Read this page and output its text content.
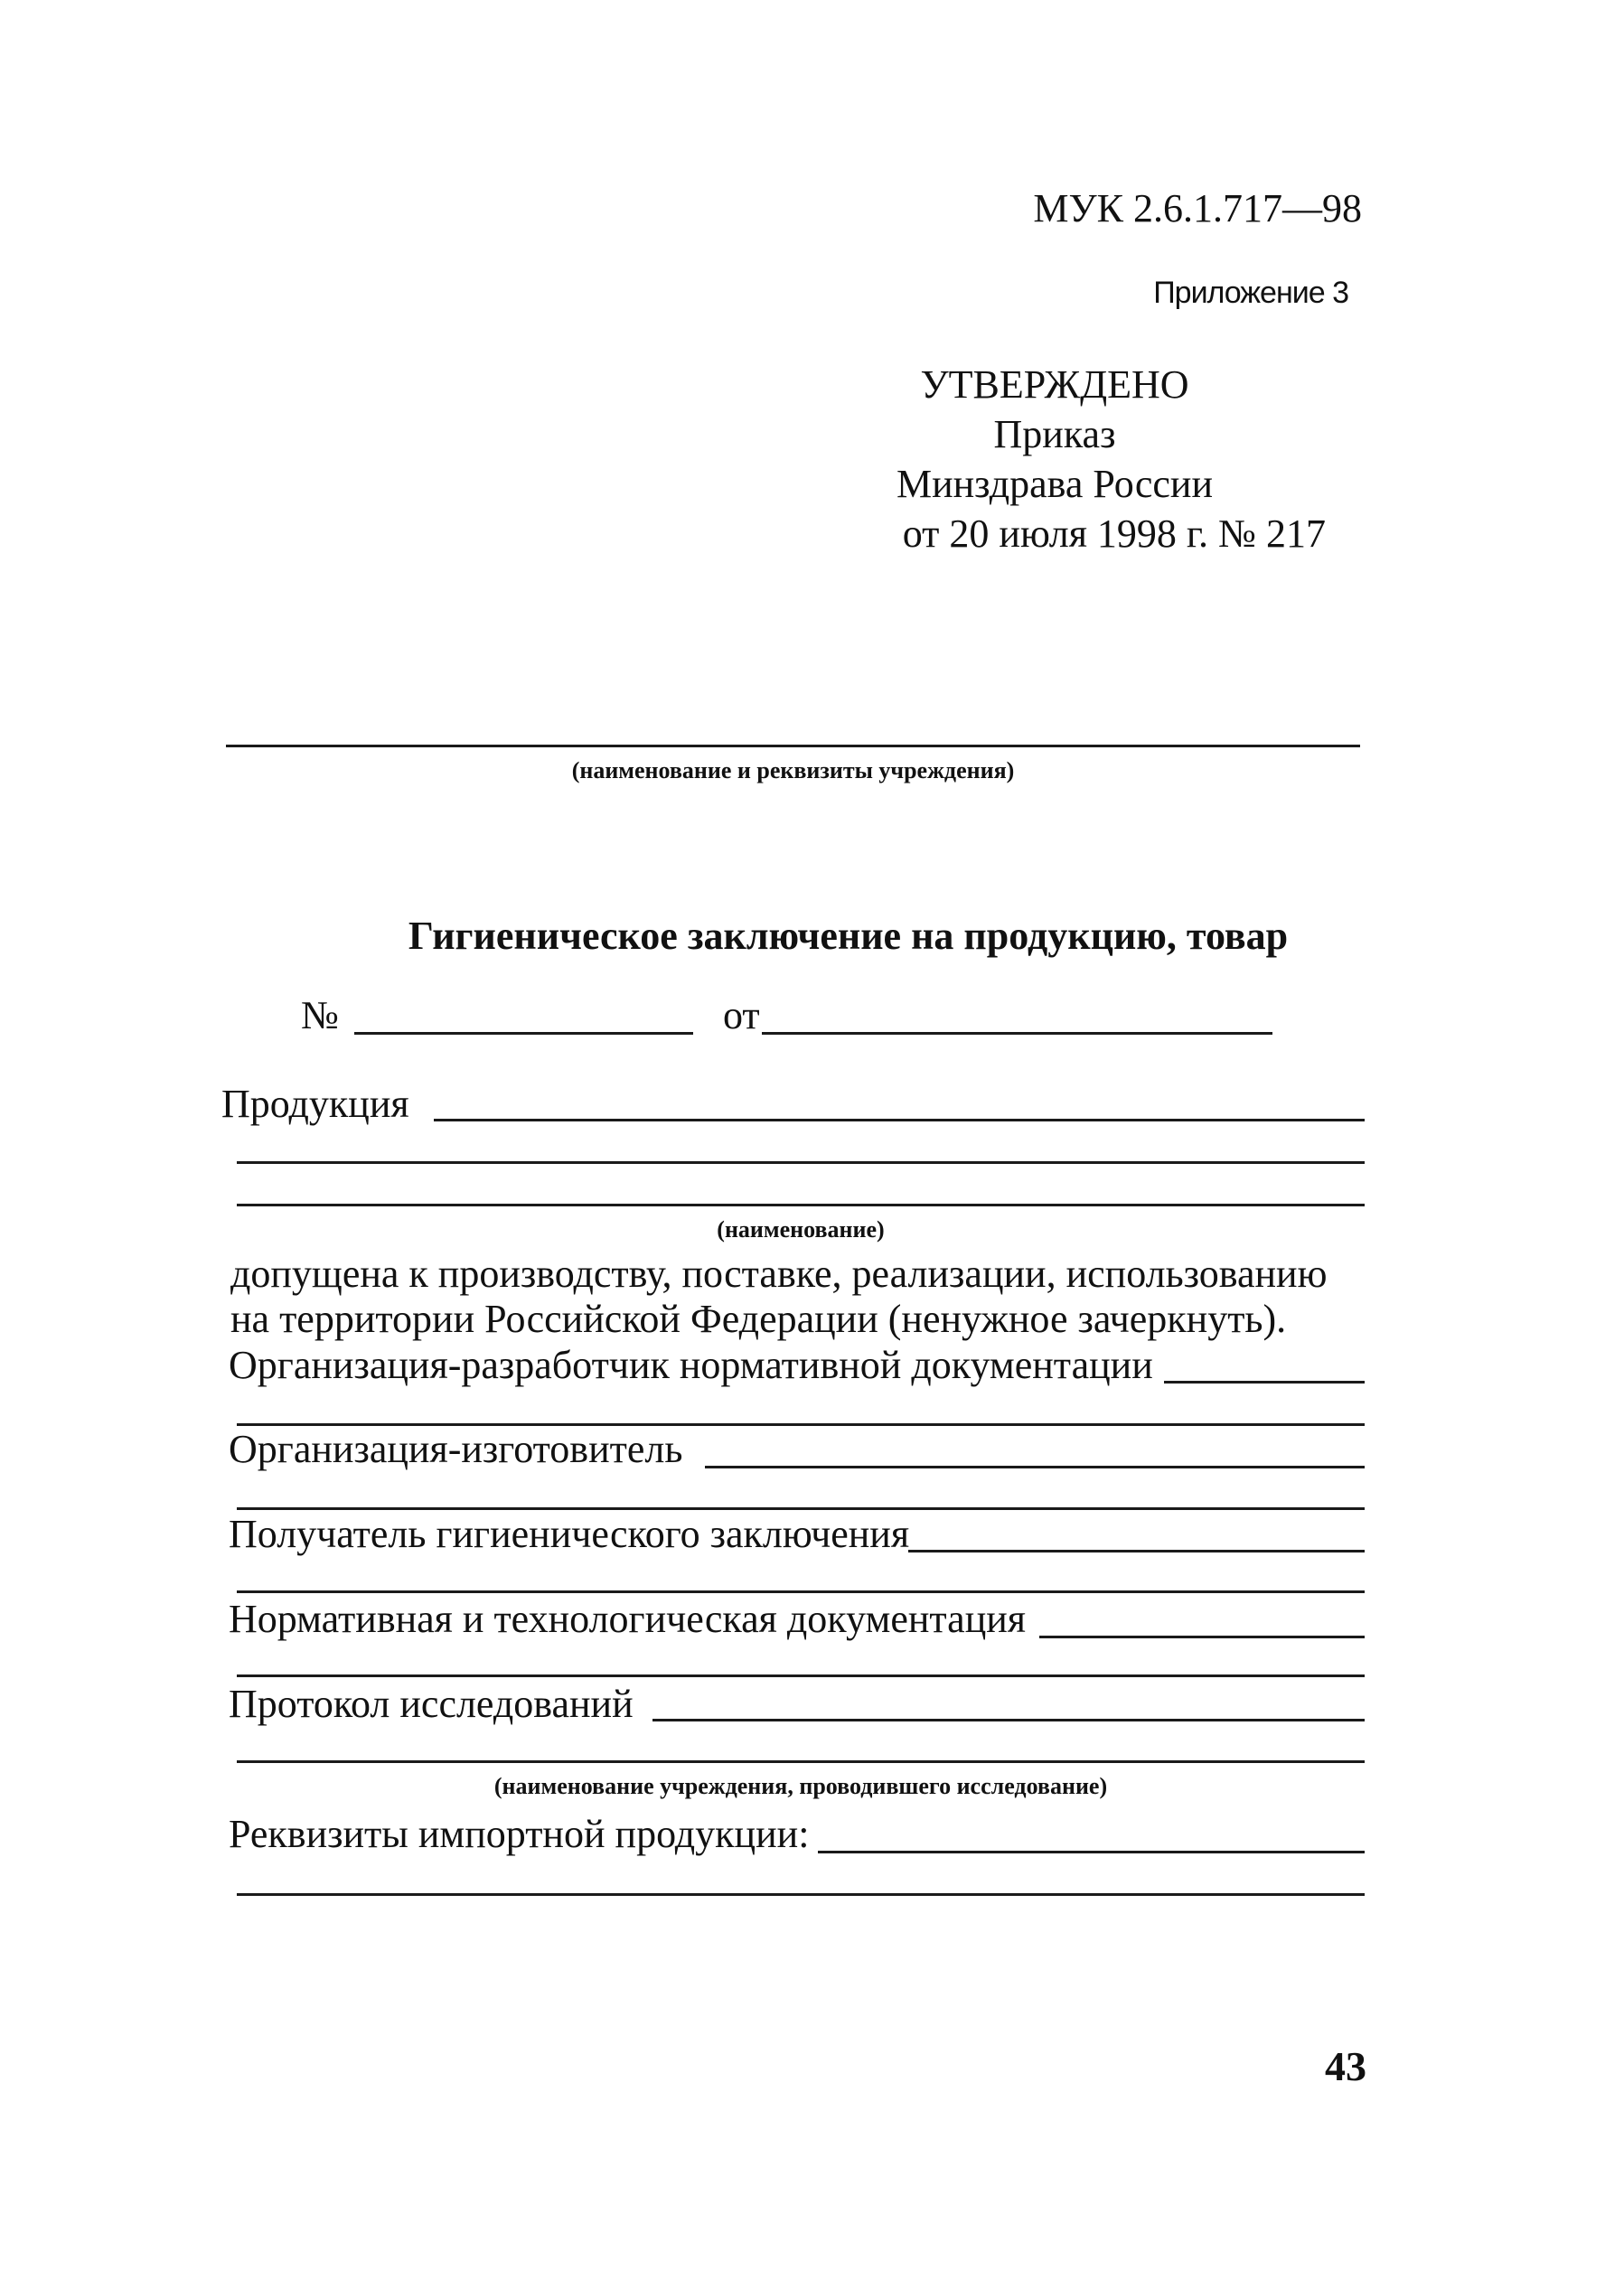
МУК 2.6.1.717—98
Приложение 3
УТВЕРЖДЕНО
Приказ
Минздрава России
от 20 июля 1998 г. № 217
(наименование и реквизиты учреждения)
Гигиеническое заключение на продукцию, товар
№	от
Продукция
(наименование)
допущена к производству, поставке, реализации, использованию на территории Российской Федерации (ненужное зачеркнуть).
Организация-разработчик нормативной документации
Организация-изготовитель
Получатель гигиенического заключения
Нормативная и технологическая документация
Протокол исследований
(наименование учреждения, проводившего исследование)
Реквизиты импортной продукции:
43
